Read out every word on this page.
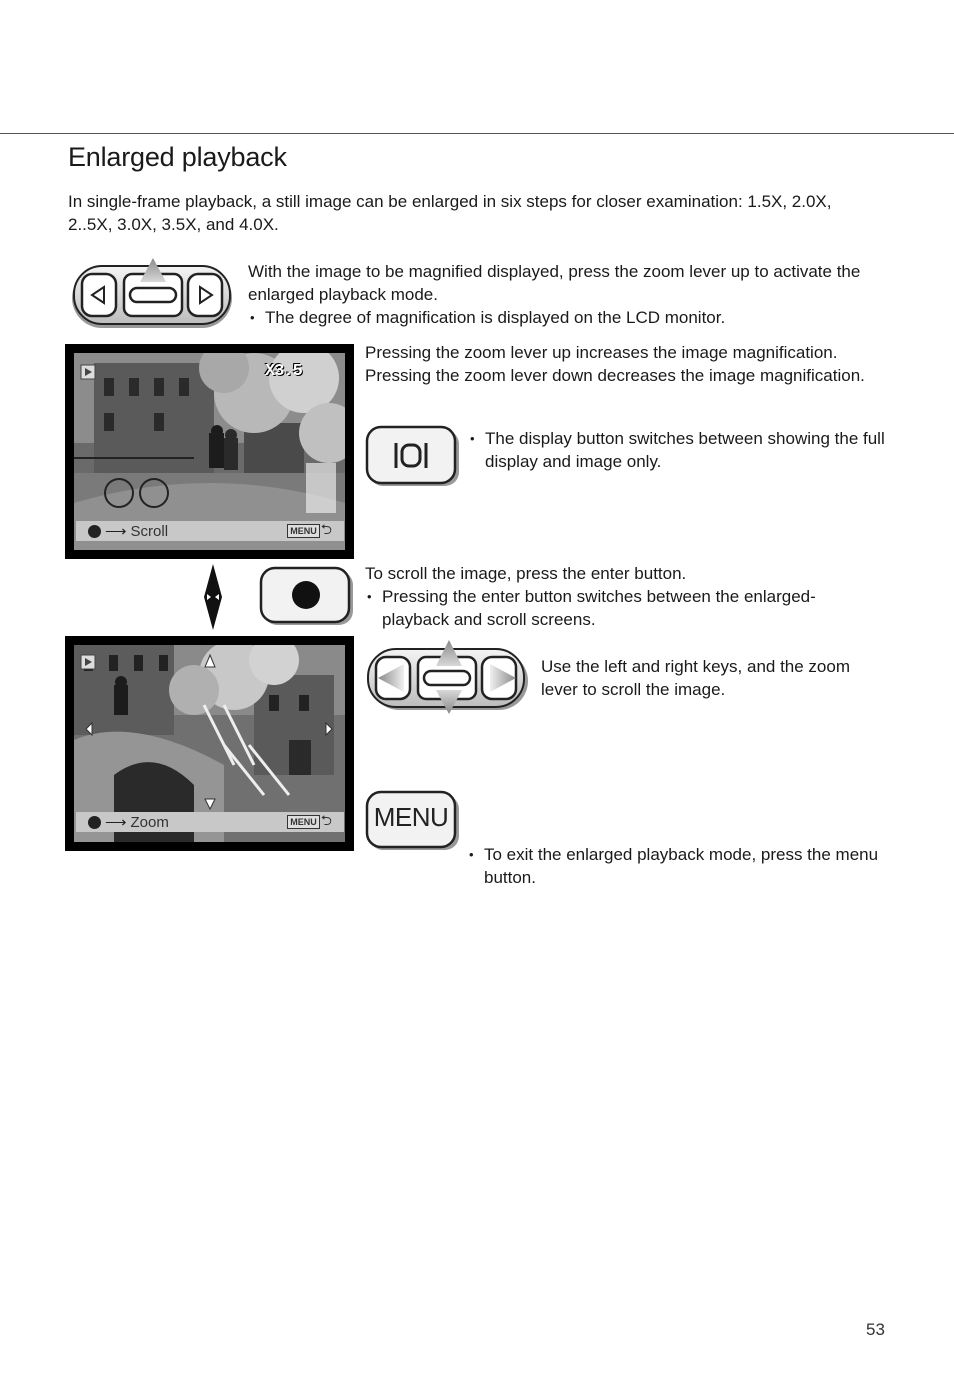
Enlarged playback
In single-frame playback, a still image can be enlarged in six steps for closer examination: 1.5X, 2.0X, 2..5X, 3.0X, 3.5X, and 4.0X.
With the image to be magnified displayed, press the zoom lever up to activate the enlarged playback mode.
• The degree of magnification is displayed on the LCD monitor.
X3.5
⟶ Scroll	MENU ⮌
Pressing the zoom lever up increases the image magnification. Pressing the zoom lever down decreases the image magnification.
• The display button switches between showing the full display and image only.
To scroll the image, press the enter button.
• Pressing the enter button switches between the enlarged-playback and scroll screens.
⟶ Zoom	MENU ⮌
Use the left and right keys, and the zoom lever to scroll the image.
MENU
• To exit the enlarged playback mode, press the menu button.
53
